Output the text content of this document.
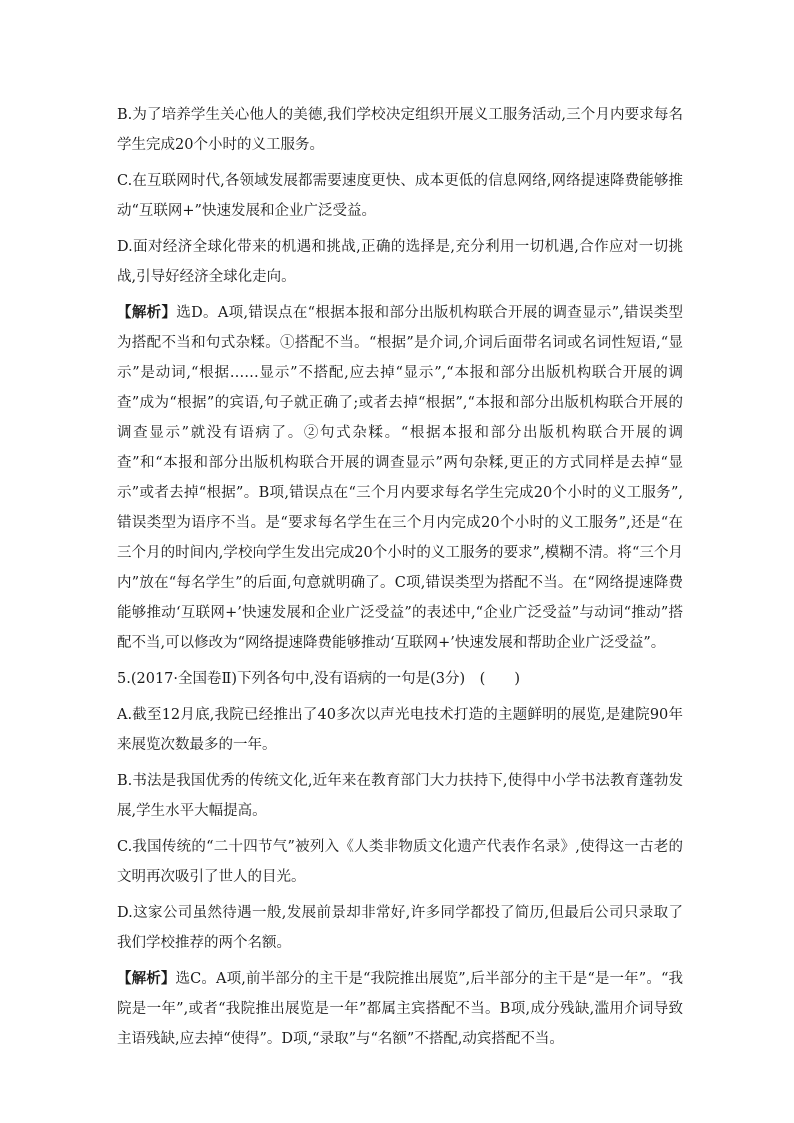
B.为了培养学生关心他人的美德,我们学校决定组织开展义工服务活动,三个月内要求每名学生完成20个小时的义工服务。

C.在互联网时代,各领域发展都需要速度更快、成本更低的信息网络,网络提速降费能够推动“互联网+”快速发展和企业广泛受益。

D.面对经济全球化带来的机遇和挑战,正确的选择是,充分利用一切机遇,合作应对一切挑战,引导好经济全球化走向。

【解析】选D。A项,错误点在“根据本报和部分出版机构联合开展的调查显示”,错误类型为搭配不当和句式杂糅。①搭配不当。“根据”是介词,介词后面带名词或名词性短语,“显示”是动词,“根据……显示”不搭配,应去掉“显示”,“本报和部分出版机构联合开展的调查”成为“根据”的宾语,句子就正确了;或者去掉“根据”,“本报和部分出版机构联合开展的调查显示”就没有语病了。②句式杂糅。“根据本报和部分出版机构联合开展的调查”和“本报和部分出版机构联合开展的调查显示”两句杂糅,更正的方式同样是去掉“显示”或者去掉“根据”。B项,错误点在“三个月内要求每名学生完成20个小时的义工服务”,错误类型为语序不当。是“要求每名学生在三个月内完成20个小时的义工服务”,还是“在三个月的时间内,学校向学生发出完成20个小时的义工服务的要求”,模糊不清。将“三个月内”放在“每名学生”的后面,句意就明确了。C项,错误类型为搭配不当。在“网络提速降费能够推动‘互联网+’快速发展和企业广泛受益”的表述中,“企业广泛受益”与动词“推动”搭配不当,可以修改为“网络提速降费能够推动‘互联网+’快速发展和帮助企业广泛受益”。

5.(2017·全国卷Ⅱ)下列各句中,没有语病的一句是(3分)　(　　)

A.截至12月底,我院已经推出了40多次以声光电技术打造的主题鲜明的展览,是建院90年来展览次数最多的一年。

B.书法是我国优秀的传统文化,近年来在教育部门大力扶持下,使得中小学书法教育蓬勃发展,学生水平大幅提高。

C.我国传统的“二十四节气”被列入《人类非物质文化遗产代表作名录》,使得这一古老的文明再次吸引了世人的目光。

D.这家公司虽然待遇一般,发展前景却非常好,许多同学都投了简历,但最后公司只录取了我们学校推荐的两个名额。

【解析】选C。A项,前半部分的主干是“我院推出展览”,后半部分的主干是“是一年”。“我院是一年”,或者“我院推出展览是一年”都属主宾搭配不当。B项,成分残缺,滥用介词导致主语残缺,应去掉“使得”。D项,“录取”与“名额”不搭配,动宾搭配不当。
